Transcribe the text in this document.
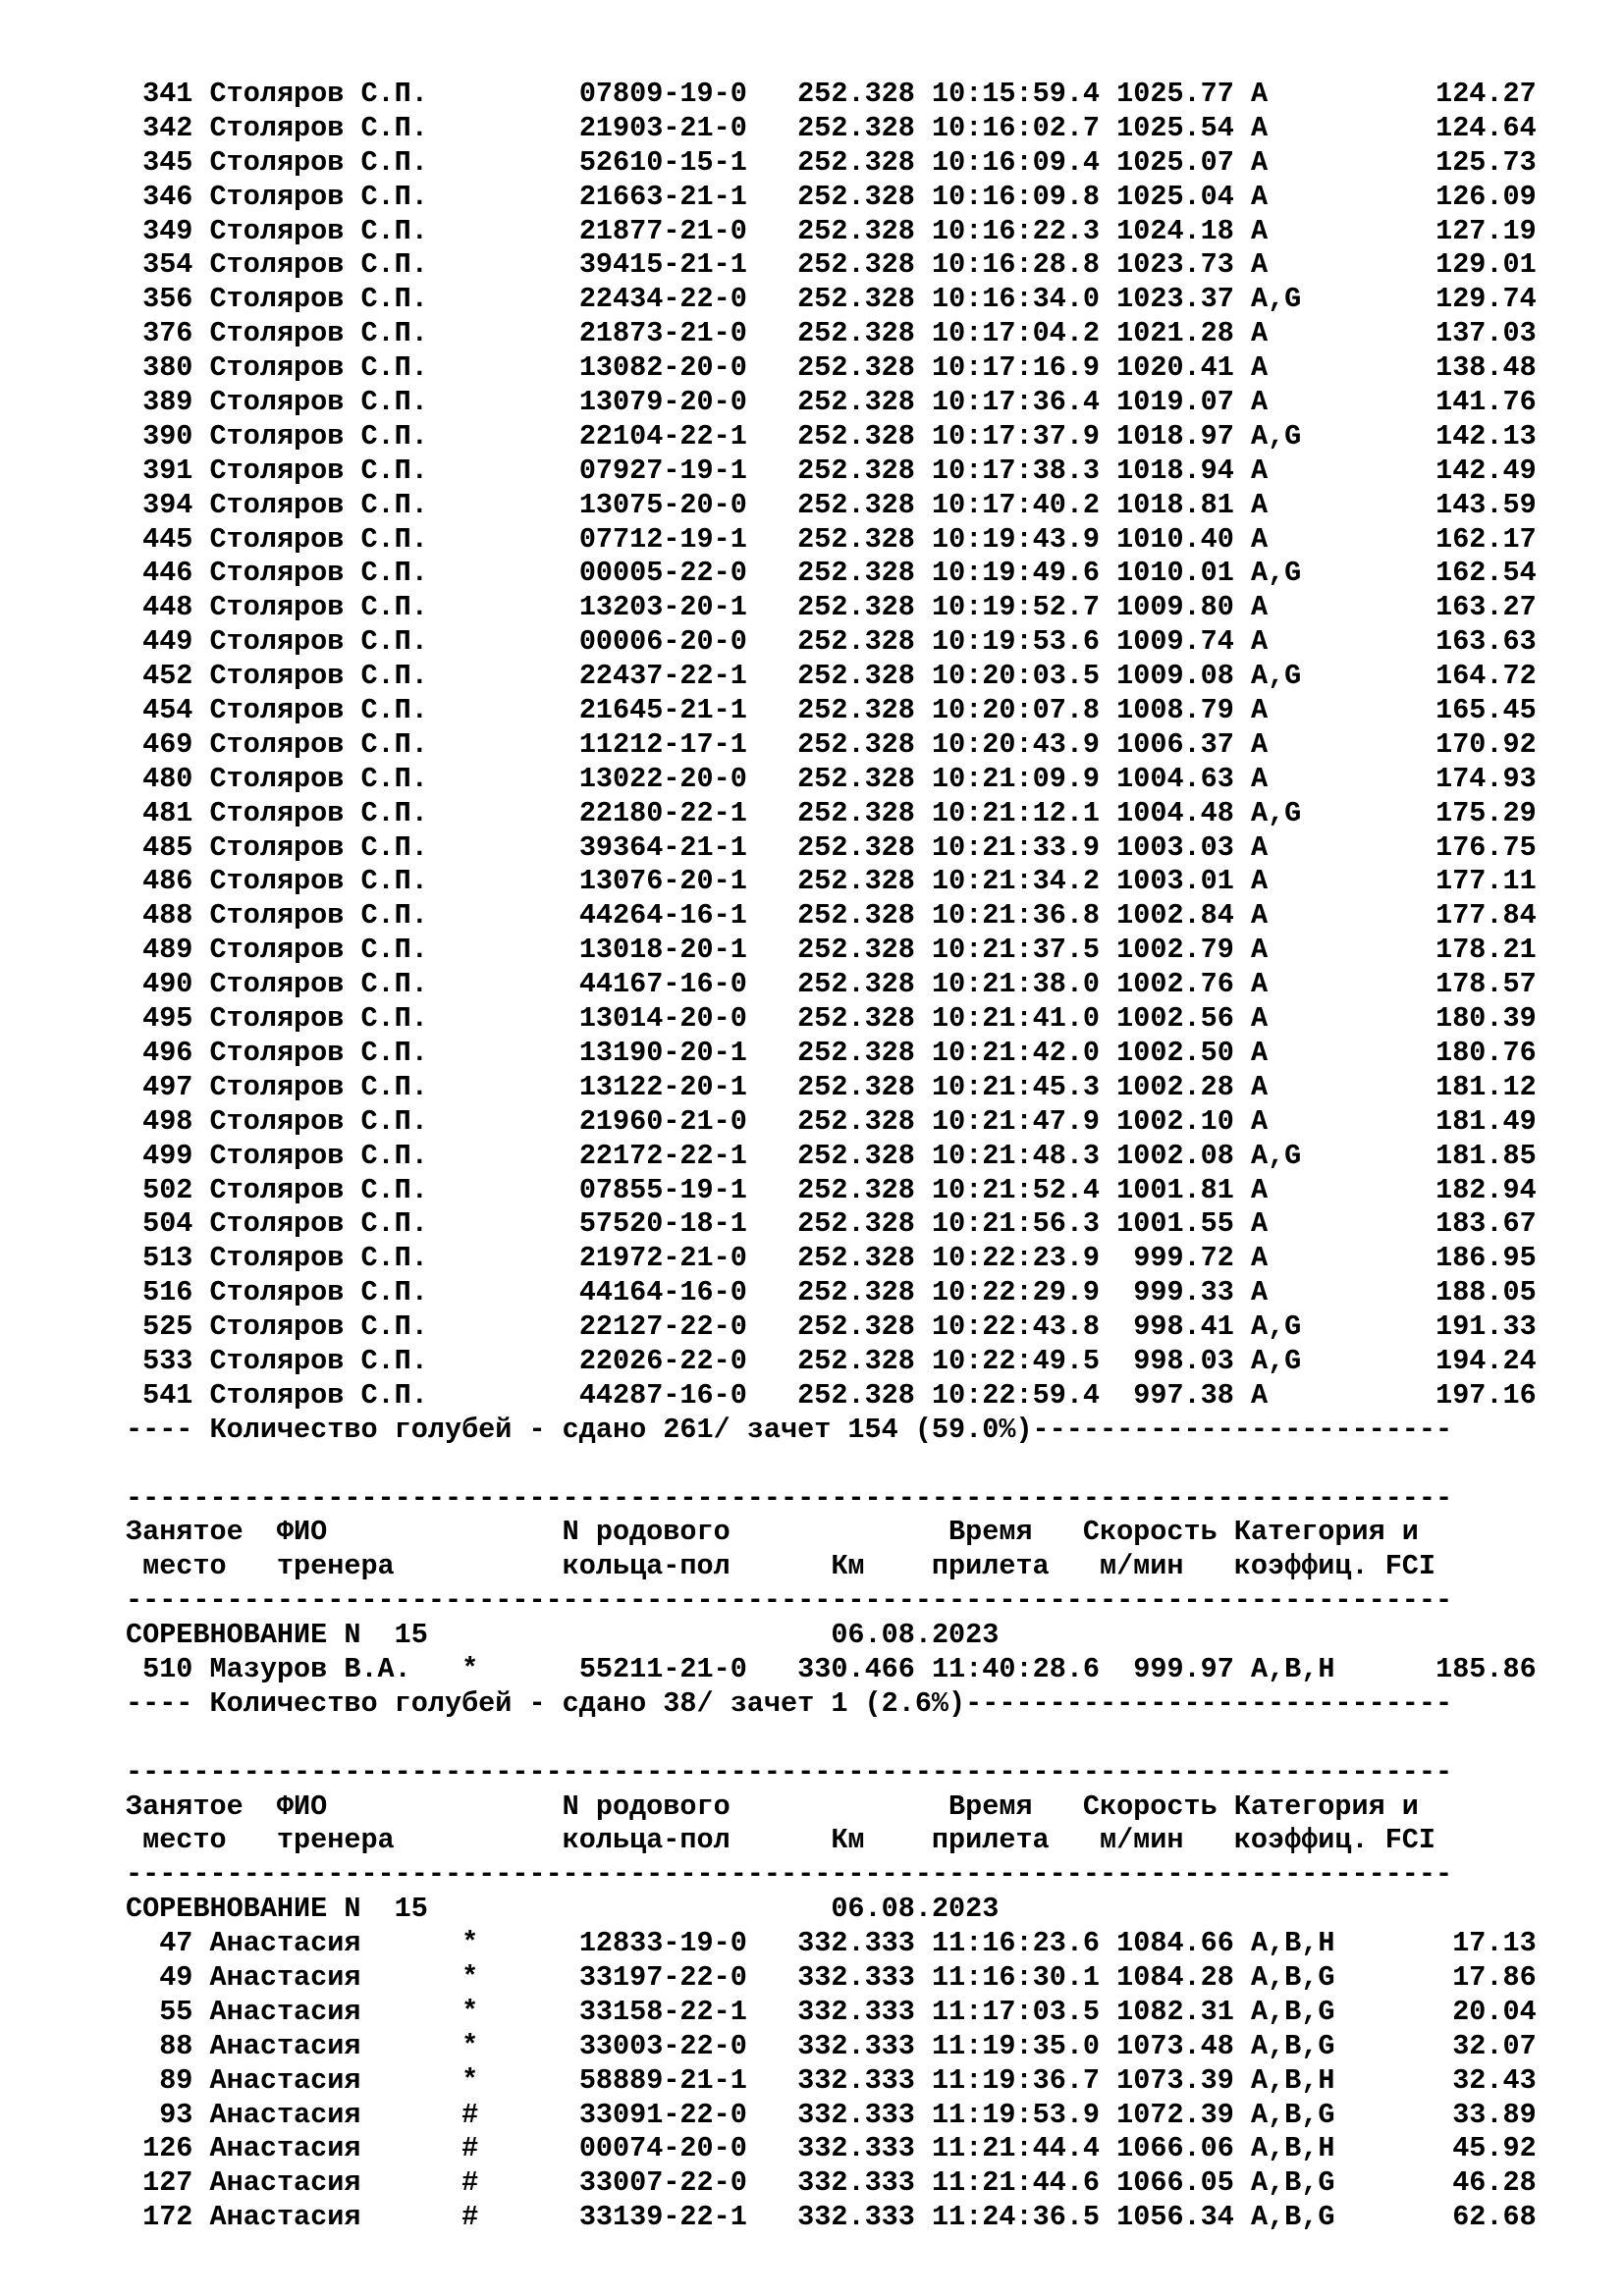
341 Столяров С.П.	07809-19-0 252.328 10:15:59.4 1025.77 A          124.27
342 Столяров С.П.	21903-21-0 252.328 10:16:02.7 1025.54 A          124.64
345 Столяров С.П.	52610-15-1 252.328 10:16:09.4 1025.07 A          125.73
346 Столяров С.П.	21663-21-1 252.328 10:16:09.8 1025.04 A          126.09
349 Столяров С.П.	21877-21-0 252.328 10:16:22.3 1024.18 A          127.19
354 Столяров С.П.	39415-21-1 252.328 10:16:28.8 1023.73 A          129.01
356 Столяров С.П.	22434-22-0 252.328 10:16:34.0 1023.37 A,G        129.74
376 Столяров С.П.	21873-21-0 252.328 10:17:04.2 1021.28 A          137.03
380 Столяров С.П.	13082-20-0 252.328 10:17:16.9 1020.41 A          138.48
389 Столяров С.П.	13079-20-0 252.328 10:17:36.4 1019.07 A          141.76
390 Столяров С.П.	22104-22-1 252.328 10:17:37.9 1018.97 A,G        142.13
391 Столяров С.П.	07927-19-1 252.328 10:17:38.3 1018.94 A          142.49
394 Столяров С.П.	13075-20-0 252.328 10:17:40.2 1018.81 A          143.59
445 Столяров С.П.	07712-19-1 252.328 10:19:43.9 1010.40 A          162.17
446 Столяров С.П.	00005-22-0 252.328 10:19:49.6 1010.01 A,G        162.54
448 Столяров С.П.	13203-20-1 252.328 10:19:52.7 1009.80 A          163.27
449 Столяров С.П.	00006-20-0 252.328 10:19:53.6 1009.74 A          163.63
452 Столяров С.П.	22437-22-1 252.328 10:20:03.5 1009.08 A,G        164.72
454 Столяров С.П.	21645-21-1 252.328 10:20:07.8 1008.79 A          165.45
469 Столяров С.П.	11212-17-1 252.328 10:20:43.9 1006.37 A          170.92
480 Столяров С.П.	13022-20-0 252.328 10:21:09.9 1004.63 A          174.93
481 Столяров С.П.	22180-22-1 252.328 10:21:12.1 1004.48 A,G        175.29
485 Столяров С.П.	39364-21-1 252.328 10:21:33.9 1003.03 A          176.75
486 Столяров С.П.	13076-20-1 252.328 10:21:34.2 1003.01 A          177.11
488 Столяров С.П.	44264-16-1 252.328 10:21:36.8 1002.84 A          177.84
489 Столяров С.П.	13018-20-1 252.328 10:21:37.5 1002.79 A          178.21
490 Столяров С.П.	44167-16-0 252.328 10:21:38.0 1002.76 A          178.57
495 Столяров С.П.	13014-20-0 252.328 10:21:41.0 1002.56 A          180.39
496 Столяров С.П.	13190-20-1 252.328 10:21:42.0 1002.50 A          180.76
497 Столяров С.П.	13122-20-1 252.328 10:21:45.3 1002.28 A          181.12
498 Столяров С.П.	21960-21-0 252.328 10:21:47.9 1002.10 A          181.49
499 Столяров С.П.	22172-22-1 252.328 10:21:48.3 1002.08 A,G        181.85
502 Столяров С.П.	07855-19-1 252.328 10:21:52.4 1001.81 A          182.94
504 Столяров С.П.	57520-18-1 252.328 10:21:56.3 1001.55 A          183.67
513 Столяров С.П.	21972-21-0 252.328 10:22:23.9  999.72 A          186.95
516 Столяров С.П.	44164-16-0 252.328 10:22:29.9  999.33 A          188.05
525 Столяров С.П.	22127-22-0 252.328 10:22:43.8  998.41 A,G        191.33
533 Столяров С.П.	22026-22-0 252.328 10:22:49.5  998.03 A,G        194.24
541 Столяров С.П.	44287-16-0 252.328 10:22:59.4  997.38 A          197.16
---- Количество голубей - сдано 261/ зачет 154 (59.0%)-------------------------
-------------------------------------------------------------------------------
Занятое  ФИО              N родового             Время   Скорость Категория и
место   тренера          кольца-пол      Км    прилета   м/мин   коэффиц. FCI
-------------------------------------------------------------------------------
СОРЕВНОВАНИЕ N  15	06.08.2023
510 Мазуров В.А.   *      55211-21-0 330.466 11:40:28.6  999.97 A,B,H      185.86
---- Количество голубей - сдано 38/ зачет 1 (2.6%)-----------------------------
-------------------------------------------------------------------------------
Занятое  ФИО              N родового             Время   Скорость Категория и
место   тренера          кольца-пол      Км    прилета   м/мин   коэффиц. FCI
-------------------------------------------------------------------------------
СОРЕВНОВАНИЕ N  15	06.08.2023
47 Анастасия      *      12833-19-0 332.333 11:16:23.6 1084.66 A,B,H       17.13
49 Анастасия      *      33197-22-0 332.333 11:16:30.1 1084.28 A,B,G       17.86
55 Анастасия      *      33158-22-1 332.333 11:17:03.5 1082.31 A,B,G       20.04
88 Анастасия      *      33003-22-0 332.333 11:19:35.0 1073.48 A,B,G       32.07
89 Анастасия      *      58889-21-1 332.333 11:19:36.7 1073.39 A,B,H       32.43
93 Анастасия      #      33091-22-0 332.333 11:19:53.9 1072.39 A,B,G       33.89
126 Анастасия      #      00074-20-0 332.333 11:21:44.4 1066.06 A,B,H       45.92
127 Анастасия      #      33007-22-0 332.333 11:21:44.6 1066.05 A,B,G       46.28
172 Анастасия      #      33139-22-1 332.333 11:24:36.5 1056.34 A,B,G       62.68
